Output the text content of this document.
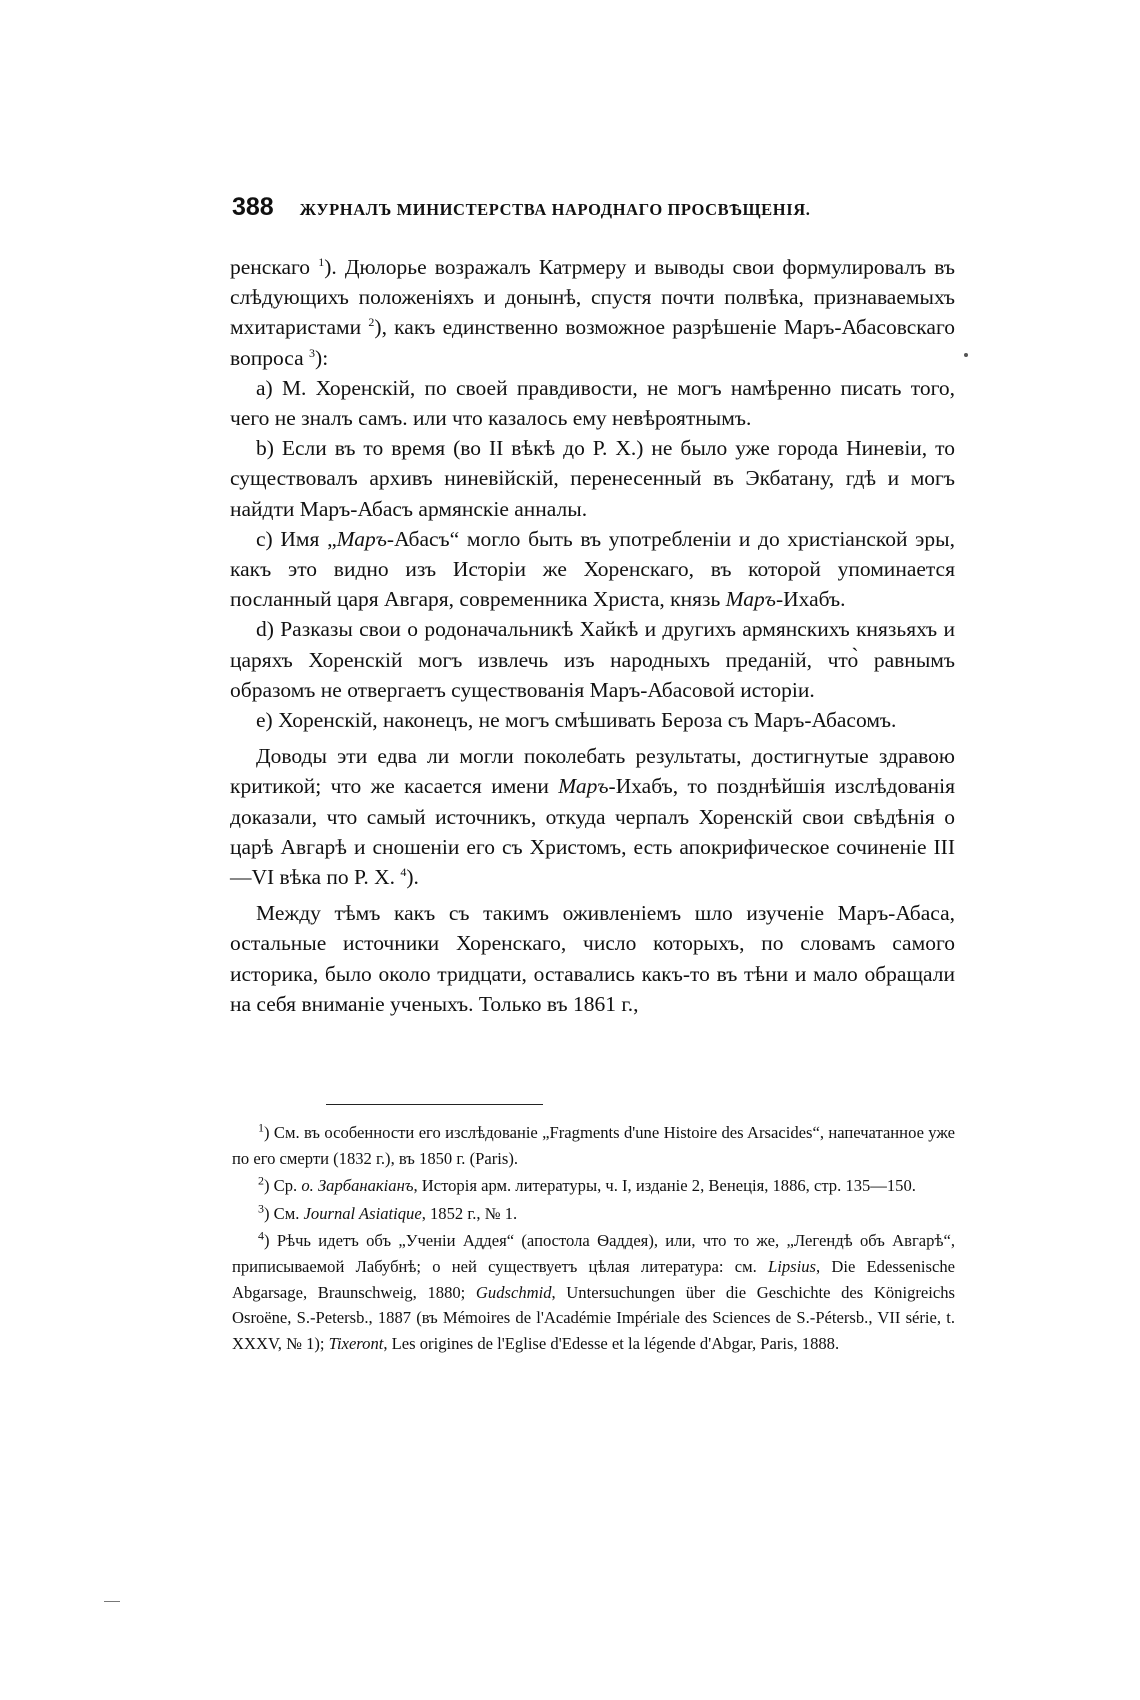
388 ЖУРНАЛЪ МИНИСТЕРСТВА НАРОДНАГО ПРОСВѢЩЕНІЯ.

ренскаго $^1$). Дюлорье возражалъ Катрмеру и выводы свои формулировалъ въ слѣдующихъ положеніяхъ и донынѣ, спустя почти полвѣка, признаваемыхъ мхитаристами $^2$), какъ единственно возможное разрѣшеніе Маръ-Абасовскаго вопроса $^3$):

a) М. Хоренскій, по своей правдивости, не могъ намѣренно писать того, чего не зналъ самъ. или что казалось ему невѣроятнымъ.

b) Если въ то время (во II вѣкѣ до Р. Х.) не было уже города Ниневіи, то существовалъ архивъ ниневійскій, перенесенный въ Экбатану, гдѣ и могъ найдти Маръ-Абасъ армянскіе анналы.

c) Имя „Маръ-Абасъ“ могло быть въ употребленіи и до христіанской эры, какъ это видно изъ Исторіи же Хоренскаго, въ которой упоминается посланный царя Авгаря, современника Христа, князь Маръ-Ихабъ.

d) Разказы свои о родоначальникѣ Хайкѣ и другихъ армянскихъ князьяхъ и царяхъ Хоренскій могъ извлечь изъ народныхъ преданій, что̀ равнымъ образомъ не отвергаетъ существованія Маръ-Абасовой исторіи.

e) Хоренскій, наконецъ, не могъ смѣшивать Бероза съ Маръ-Абасомъ.

Доводы эти едва ли могли поколебать результаты, достигнутые здравою критикой; что же касается имени Маръ-Ихабъ, то позднѣйшія изслѣдованія доказали, что самый источникъ, откуда черпалъ Хоренскій свои свѣдѣнія о царѣ Авгарѣ и сношеніи его съ Христомъ, есть апокрифическое сочиненіе III—VI вѣка по Р. Х. $^4$).

Между тѣмъ какъ съ такимъ оживленіемъ шло изученіе Маръ-Абаса, остальные источники Хоренскаго, число которыхъ, по словамъ самого историка, было около тридцати, оставались какъ-то въ тѣни и мало обращали на себя вниманіе ученыхъ. Только въ 1861 г.,

$^1$) См. въ особенности его изслѣдованіе „Fragments d'une Histoire des Arsacides“, напечатанное уже по его смерти (1832 г.), въ 1850 г. (Paris).

$^2$) Ср. о. Зарбанакіанъ, Исторія арм. литературы, ч. I, изданіе 2, Венеція, 1886, стр. 135—150.

$^3$) См. Journal Asiatique, 1852 г., № 1.

$^4$) Рѣчь идетъ объ „Ученіи Аддея“ (апостола Ѳаддея), или, что то же, „Легендѣ объ Авгарѣ“, приписываемой Лабубнѣ; о ней существуетъ цѣлая литература: см. Lipsius, Die Edessenische Abgarsage, Braunschweig, 1880; Gudschmid, Untersuchungen über die Geschichte des Königreichs Osroëne, S.-Petersb., 1887 (въ Mémoires de l'Académie Impériale des Sciences de S.-Pétersb., VII série, t. XXXV, № 1); Tixeront, Les origines de l'Eglise d'Edesse et la légende d'Abgar, Paris, 1888.
